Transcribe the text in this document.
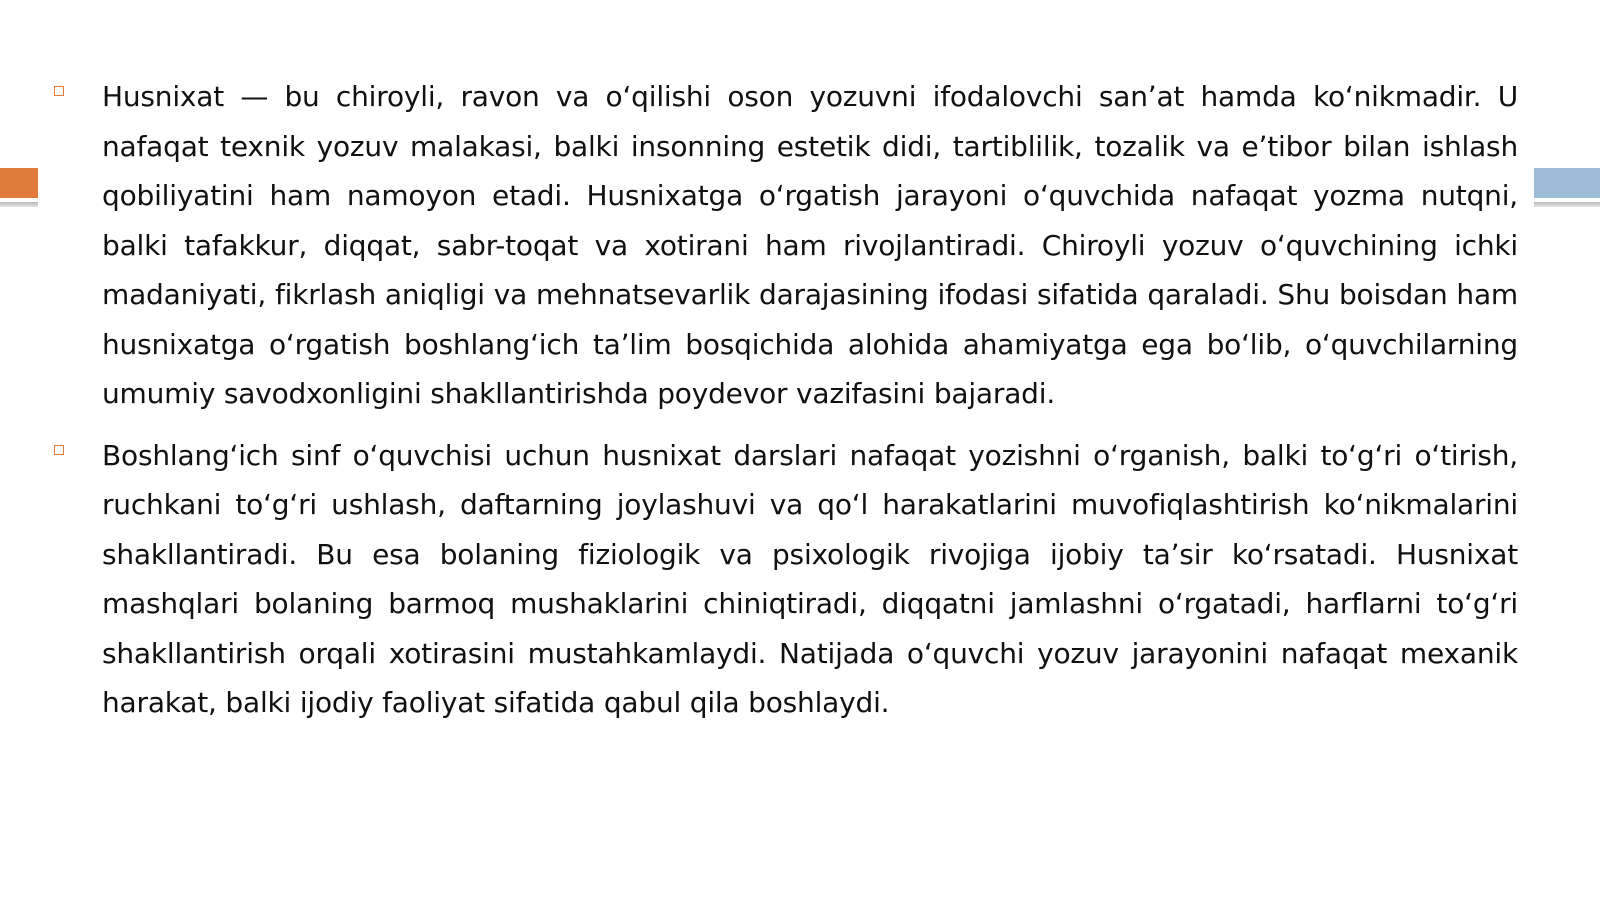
Husnixat — bu chiroyli, ravon va oʻqilishi oson yozuvni ifodalovchi sanʼat hamda koʻnikmadir. U nafaqat texnik yozuv malakasi, balki insonning estetik didi, tartiblilik, tozalik va eʼtibor bilan ishlash qobiliyatini ham namoyon etadi. Husnixatga oʻrgatish jarayoni oʻquvchida nafaqat yozma nutqni, balki tafakkur, diqqat, sabr-toqat va xotirani ham rivojlantiradi. Chiroyli yozuv oʻquvchining ichki madaniyati, fikrlash aniqligi va mehnatsevarlik darajasining ifodasi sifatida qaraladi. Shu boisdan ham husnixatga oʻrgatish boshlangʻich taʼlim bosqichida alohida ahamiyatga ega boʻlib, oʻquvchilarning umumiy savodxonligini shakllantirishda poydevor vazifasini bajaradi.

Boshlangʻich sinf oʻquvchisi uchun husnixat darslari nafaqat yozishni oʻrganish, balki toʻgʻri oʻtirish, ruchkani toʻgʻri ushlash, daftarning joylashuvi va qoʻl harakatlarini muvofiqlashtirish koʻnikmalarini shakllantiradi. Bu esa bolaning fiziologik va psixologik rivojiga ijobiy taʼsir koʻrsatadi. Husnixat mashqlari bolaning barmoq mushaklarini chiniqtiradi, diqqatni jamlashni oʻrgatadi, harflarni toʻgʻri shakllantirish orqali xotirasini mustahkamlaydi. Natijada oʻquvchi yozuv jarayonini nafaqat mexanik harakat, balki ijodiy faoliyat sifatida qabul qila boshlaydi.
